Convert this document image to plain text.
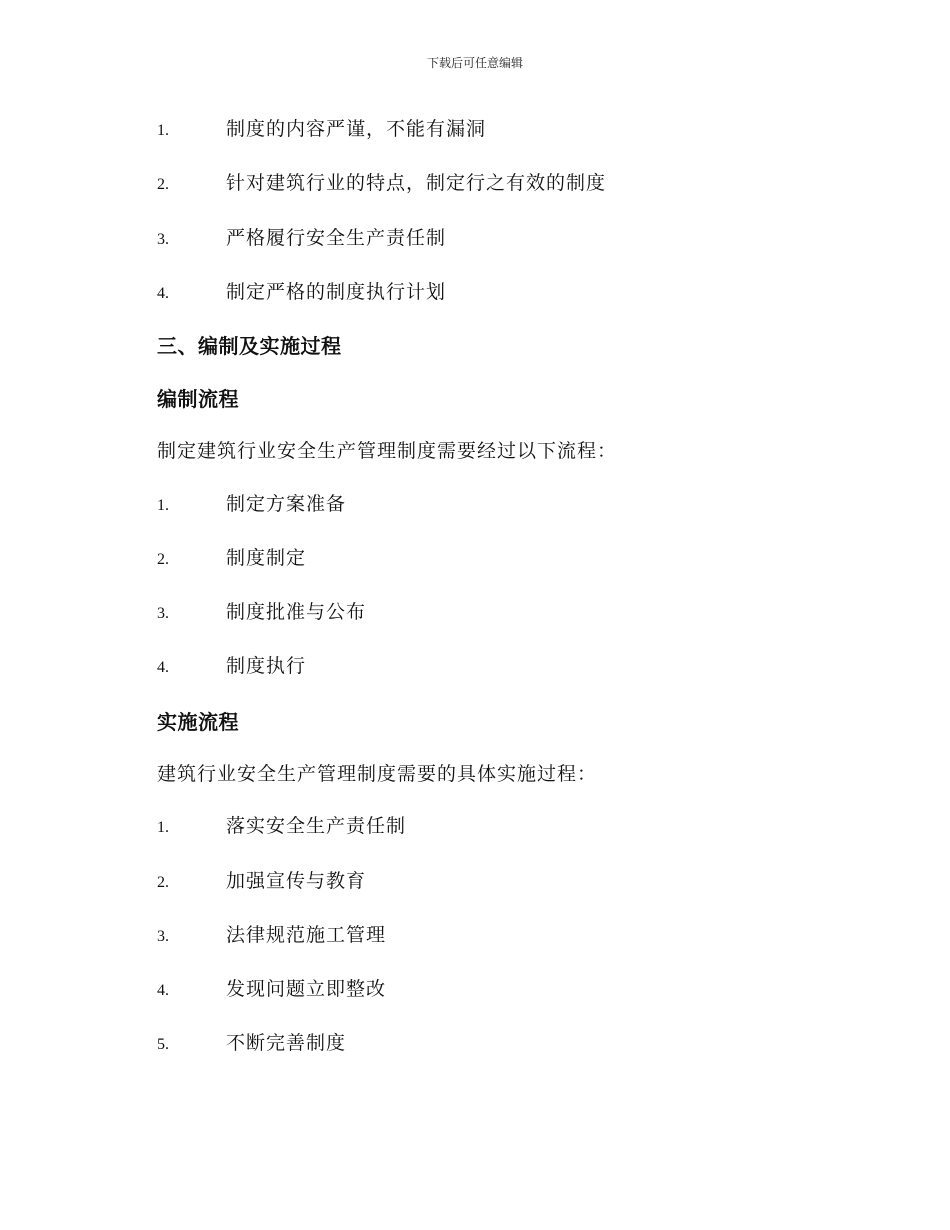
下载后可任意编辑
1.	制度的内容严谨，不能有漏洞
2.	针对建筑行业的特点，制定行之有效的制度
3.	严格履行安全生产责任制
4.	制定严格的制度执行计划
三、编制及实施过程
编制流程
制定建筑行业安全生产管理制度需要经过以下流程：
1.	制定方案准备
2.	制度制定
3.	制度批准与公布
4.	制度执行
实施流程
建筑行业安全生产管理制度需要的具体实施过程：
1.	落实安全生产责任制
2.	加强宣传与教育
3.	法律规范施工管理
4.	发现问题立即整改
5.	不断完善制度
